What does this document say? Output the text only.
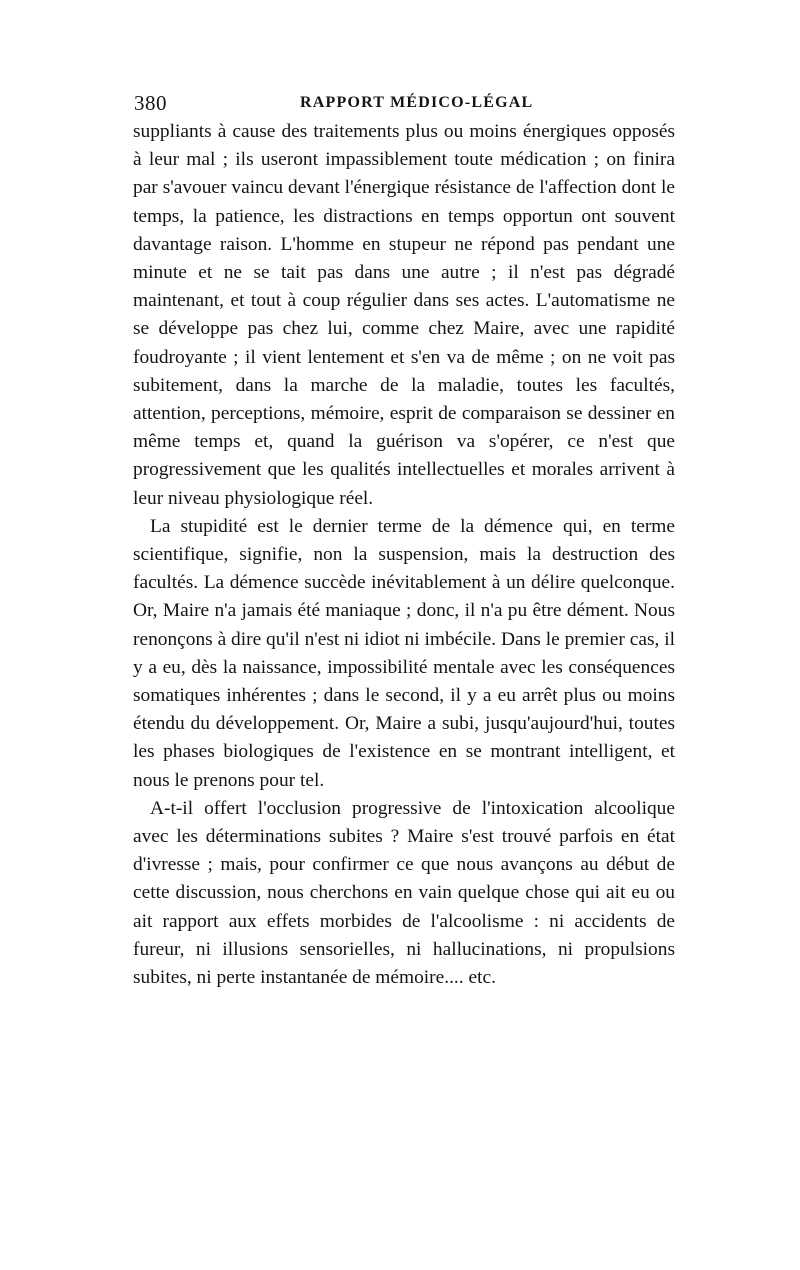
380	RAPPORT MÉDICO-LÉGAL

suppliants à cause des traitements plus ou moins énergiques opposés à leur mal ; ils useront impassiblement toute médication ; on finira par s'avouer vaincu devant l'énergique résistance de l'affection dont le temps, la patience, les distractions en temps opportun ont souvent davantage raison. L'homme en stupeur ne répond pas pendant une minute et ne se tait pas dans une autre ; il n'est pas dégradé maintenant, et tout à coup régulier dans ses actes. L'automatisme ne se développe pas chez lui, comme chez Maire, avec une rapidité foudroyante ; il vient lentement et s'en va de même ; on ne voit pas subitement, dans la marche de la maladie, toutes les facultés, attention, perceptions, mémoire, esprit de comparaison se dessiner en même temps et, quand la guérison va s'opérer, ce n'est que progressivement que les qualités intellectuelles et morales arrivent à leur niveau physiologique réel.

La stupidité est le dernier terme de la démence qui, en terme scientifique, signifie, non la suspension, mais la destruction des facultés. La démence succède inévitablement à un délire quelconque. Or, Maire n'a jamais été maniaque ; donc, il n'a pu être dément. Nous renonçons à dire qu'il n'est ni idiot ni imbécile. Dans le premier cas, il y a eu, dès la naissance, impossibilité mentale avec les conséquences somatiques inhérentes ; dans le second, il y a eu arrêt plus ou moins étendu du développement. Or, Maire a subi, jusqu'aujourd'hui, toutes les phases biologiques de l'existence en se montrant intelligent, et nous le prenons pour tel.

A-t-il offert l'occlusion progressive de l'intoxication alcoolique avec les déterminations subites ? Maire s'est trouvé parfois en état d'ivresse ; mais, pour confirmer ce que nous avançons au début de cette discussion, nous cherchons en vain quelque chose qui ait eu ou ait rapport aux effets morbides de l'alcoolisme : ni accidents de fureur, ni illusions sensorielles, ni hallucinations, ni propulsions subites, ni perte instantanée de mémoire.... etc.
